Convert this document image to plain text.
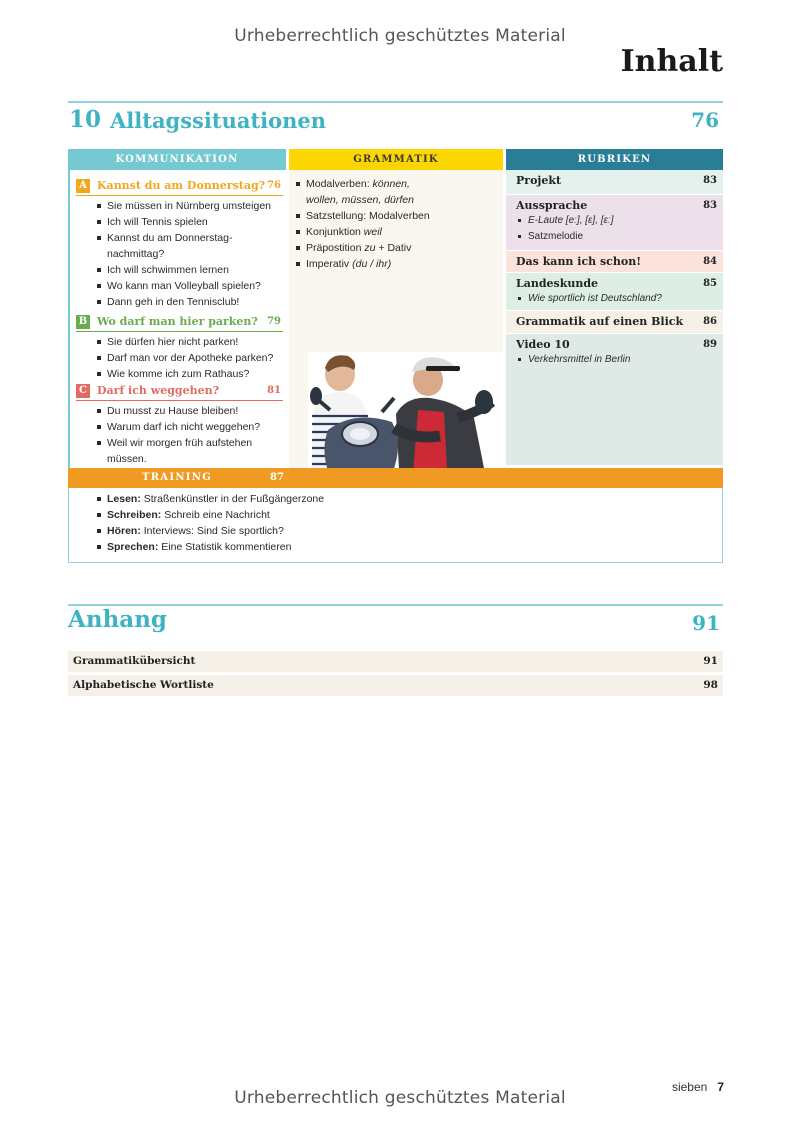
Urheberrechtlich geschütztes Material
Inhalt
10 Alltagssituationen	76
KOMMUNIKATION	GRAMMATIK	RUBRIKEN
A Kannst du am Donnerstag? 76
Sie müssen in Nürnberg umsteigen
Ich will Tennis spielen
Kannst du am Donnerstag-
nachmittag?
Ich will schwimmen lernen
Wo kann man Volleyball spielen?
Dann geh in den Tennisclub!
B Wo darf man hier parken? 79
Sie dürfen hier nicht parken!
Darf man vor der Apotheke parken?
Wie komme ich zum Rathaus?
C Darf ich weggehen?	81
Du musst zu Hause bleiben!
Warum darf ich nicht weggehen?
Weil wir morgen früh aufstehen
müssen.
Modalverben: können,
wollen, müssen, dürfen
Satzstellung: Modalverben
Konjunktion weil
Präpostition zu + Dativ
Imperativ (du / ihr)
Projekt	83
Aussprache	83
E-Laute [eː], [ɛ], [ɛː]
Satzmelodie
Das kann ich schon!	84
Landeskunde	85
Wie sportlich ist Deutschland?
Grammatik auf einen Blick	86
Video 10	89
Verkehrsmittel in Berlin
TRAINING	87
Lesen: Straßenkünstler in der Fußgängerzone
Schreiben: Schreib eine Nachricht
Hören: Interviews: Sind Sie sportlich?
Sprechen: Eine Statistik kommentieren
Anhang	91
Grammatikübersicht	91
Alphabetische Wortliste	98
sieben 7
Urheberrechtlich geschütztes Material
